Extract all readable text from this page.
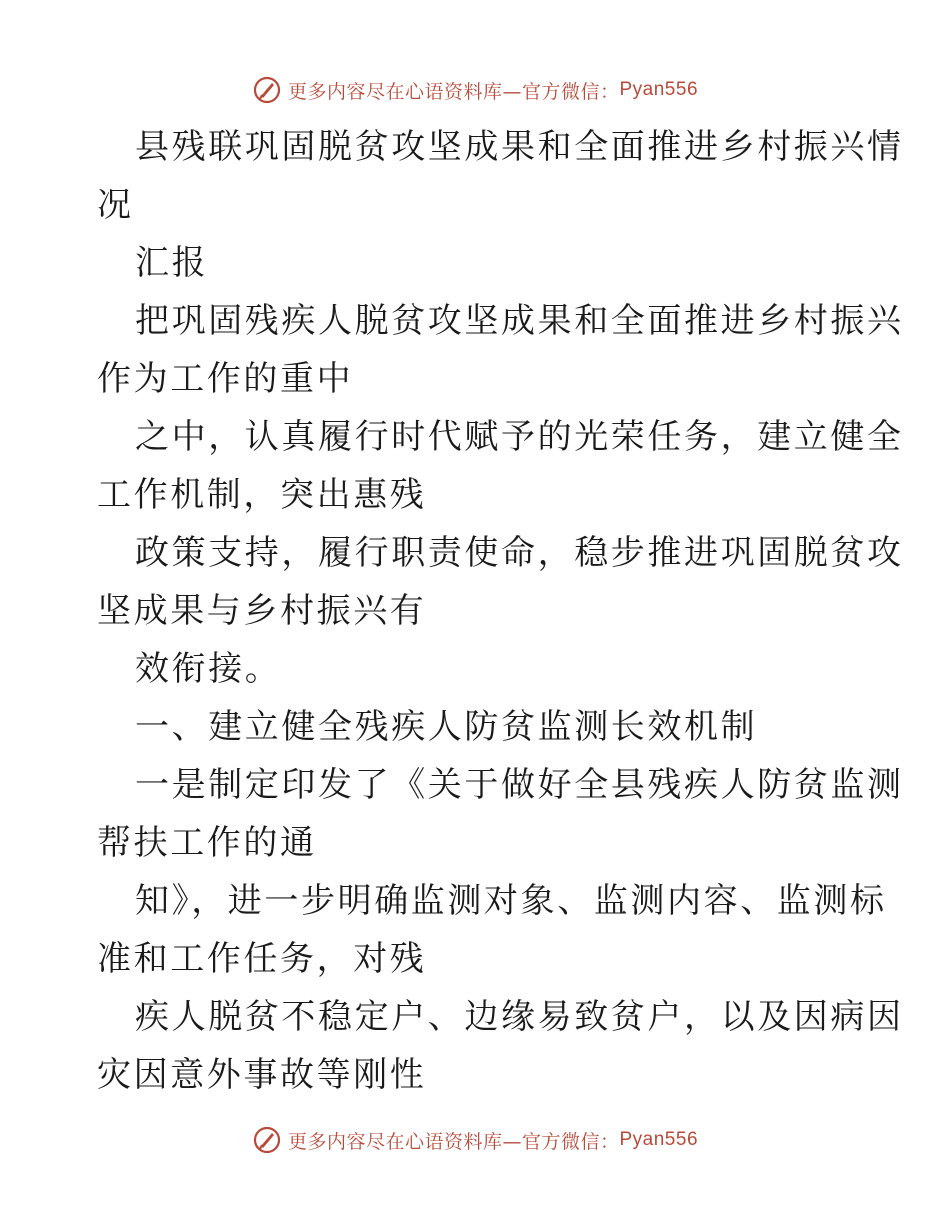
更多内容尽在心语资料库—官方微信： Pyan556

县残联巩固脱贫攻坚成果和全面推进乡村振兴情

况

汇报

把巩固残疾人脱贫攻坚成果和全面推进乡村振兴

作为工作的重中

之中，认真履行时代赋予的光荣任务，建立健全

工作机制，突出惠残

政策支持，履行职责使命，稳步推进巩固脱贫攻

坚成果与乡村振兴有

效衔接。

一、建立健全残疾人防贫监测长效机制

一是制定印发了《关于做好全县残疾人防贫监测

帮扶工作的通

知》，进一步明确监测对象、监测内容、监测标

准和工作任务，对残

疾人脱贫不稳定户、边缘易致贫户，以及因病因

灾因意外事故等刚性

更多内容尽在心语资料库—官方微信： Pyan556
